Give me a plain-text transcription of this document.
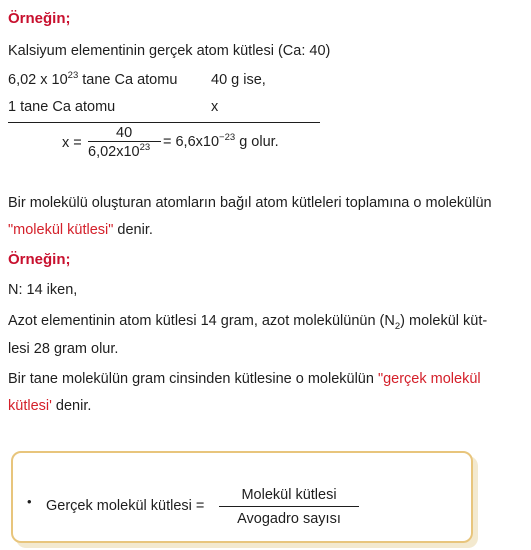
Örneğin;
Kalsiyum elementinin gerçek atom kütlesi (Ca: 40)
6,02 x $10^{23}$ tane Ca atomu 40 g ise,
1 tane Ca atomu	x
x =
40
$6,02x10^{23} = 6,6x10^{-23}$ g olur.
Bir molekülü oluşturan atomların bağıl atom kütleleri toplamına o molekülün
"molekül kütlesi" denir.
Örneğin;
N: 14 iken,
Azot elementinin atom kütlesi 14 gram, azot molekülünün $(N_2)$ molekül küt-
lesi 28 gram olur.
Bir tane molekülün gram cinsinden kütlesine o molekülün "gerçek molekül
kütlesi' denir.
• Gerçek molekül kütlesi =
Molekül kütlesi
Avogadro sayısı
